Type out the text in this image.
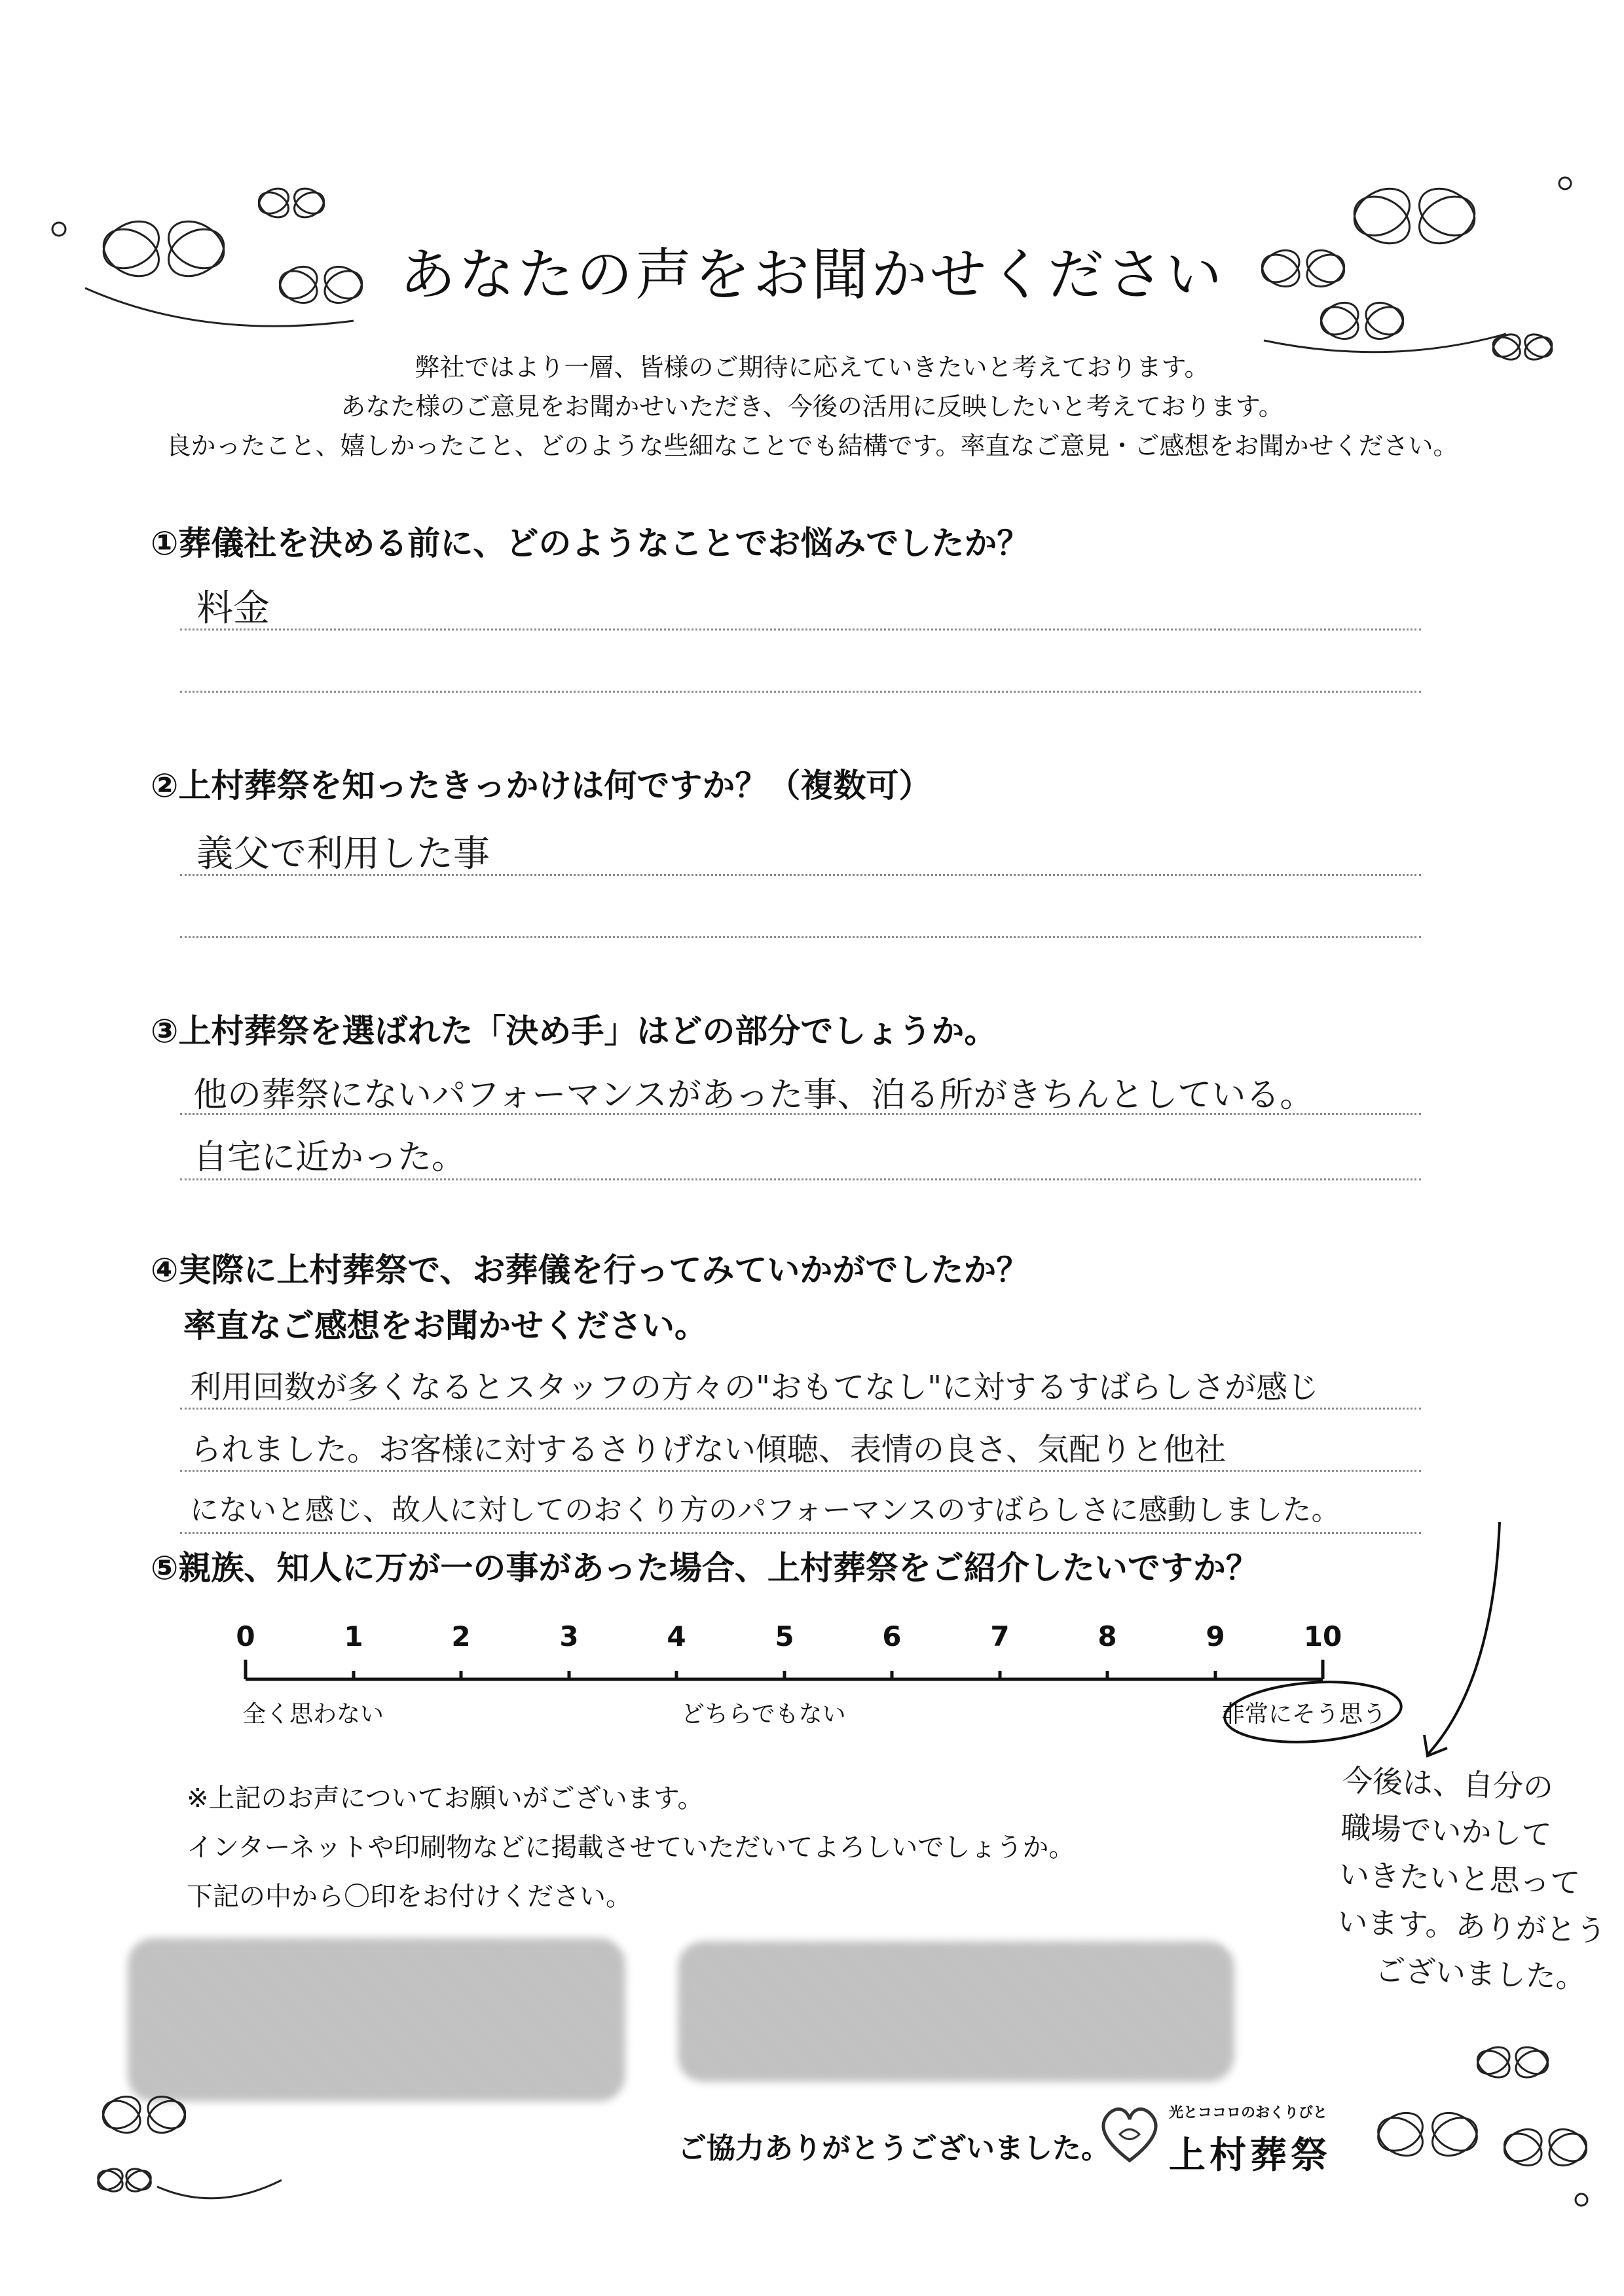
あなたの声をお聞かせください
弊社ではより一層、皆様のご期待に応えていきたいと考えております。
あなた様のご意見をお聞かせいただき、今後の活用に反映したいと考えております。
良かったこと、嬉しかったこと、どのような些細なことでも結構です。率直なご意見・ご感想をお聞かせください。
①葬儀社を決める前に、どのようなことでお悩みでしたか？
料金
②上村葬祭を知ったきっかけは何ですか？（複数可）
義父で利用した事
③上村葬祭を選ばれた「決め手」はどの部分でしょうか。
他の葬祭にないパフォーマンスがあった事、泊る所がきちんとしている。
自宅に近かった。
④実際に上村葬祭で、お葬儀を行ってみていかがでしたか？
率直なご感想をお聞かせください。
利用回数が多くなるとスタッフの方々の"おもてなし"に対するすばらしさが感じ
られました。お客様に対するさりげない傾聴、表情の良さ、気配りと他社
にないと感じ、故人に対してのおくり方のパフォーマンスのすばらしさに感動しました。
⑤親族、知人に万が一の事があった場合、上村葬祭をご紹介したいですか？
0	1	2	3	4	5	6	7	8	9	10
全く思わない	どちらでもない	非常にそう思う
今後は、自分の
職場でいかして
いきたいと思って
います。ありがとう
ございました。
※上記のお声についてお願いがございます。
インターネットや印刷物などに掲載させていただいてよろしいでしょうか。
下記の中から〇印をお付けください。
ご協力ありがとうございました。
光とココロのおくりびと
上村葬祭
